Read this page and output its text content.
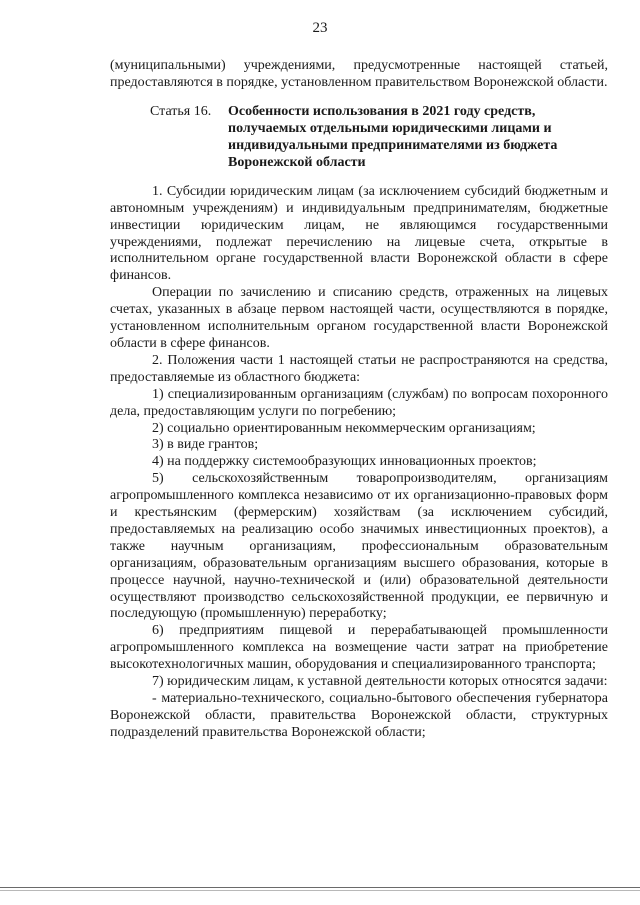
23

(муниципальными) учреждениями, предусмотренные настоящей статьей, предоставляются в порядке, установленном правительством Воронежской области.

Статья 16. Особенности использования в 2021 году средств, получаемых отдельными юридическими лицами и индивидуальными предпринимателями из бюджета Воронежской области

1. Субсидии юридическим лицам (за исключением субсидий бюджетным и автономным учреждениям) и индивидуальным предпринимателям, бюджетные инвестиции юридическим лицам, не являющимся государственными учреждениями, подлежат перечислению на лицевые счета, открытые в исполнительном органе государственной власти Воронежской области в сфере финансов.

Операции по зачислению и списанию средств, отраженных на лицевых счетах, указанных в абзаце первом настоящей части, осуществляются в порядке, установленном исполнительным органом государственной власти Воронежской области в сфере финансов.

2. Положения части 1 настоящей статьи не распространяются на средства, предоставляемые из областного бюджета:

1) специализированным организациям (службам) по вопросам похоронного дела, предоставляющим услуги по погребению;

2) социально ориентированным некоммерческим организациям;

3) в виде грантов;

4) на поддержку системообразующих инновационных проектов;

5) сельскохозяйственным товаропроизводителям, организациям агропромышленного комплекса независимо от их организационно-правовых форм и крестьянским (фермерским) хозяйствам (за исключением субсидий, предоставляемых на реализацию особо значимых инвестиционных проектов), а также научным организациям, профессиональным образовательным организациям, образовательным организациям высшего образования, которые в процессе научной, научно-технической и (или) образовательной деятельности осуществляют производство сельскохозяйственной продукции, ее первичную и последующую (промышленную) переработку;

6) предприятиям пищевой и перерабатывающей промышленности агропромышленного комплекса на возмещение части затрат на приобретение высокотехнологичных машин, оборудования и специализированного транспорта;

7) юридическим лицам, к уставной деятельности которых относятся задачи:

- материально-технического, социально-бытового обеспечения губернатора Воронежской области, правительства Воронежской области, структурных подразделений правительства Воронежской области;
